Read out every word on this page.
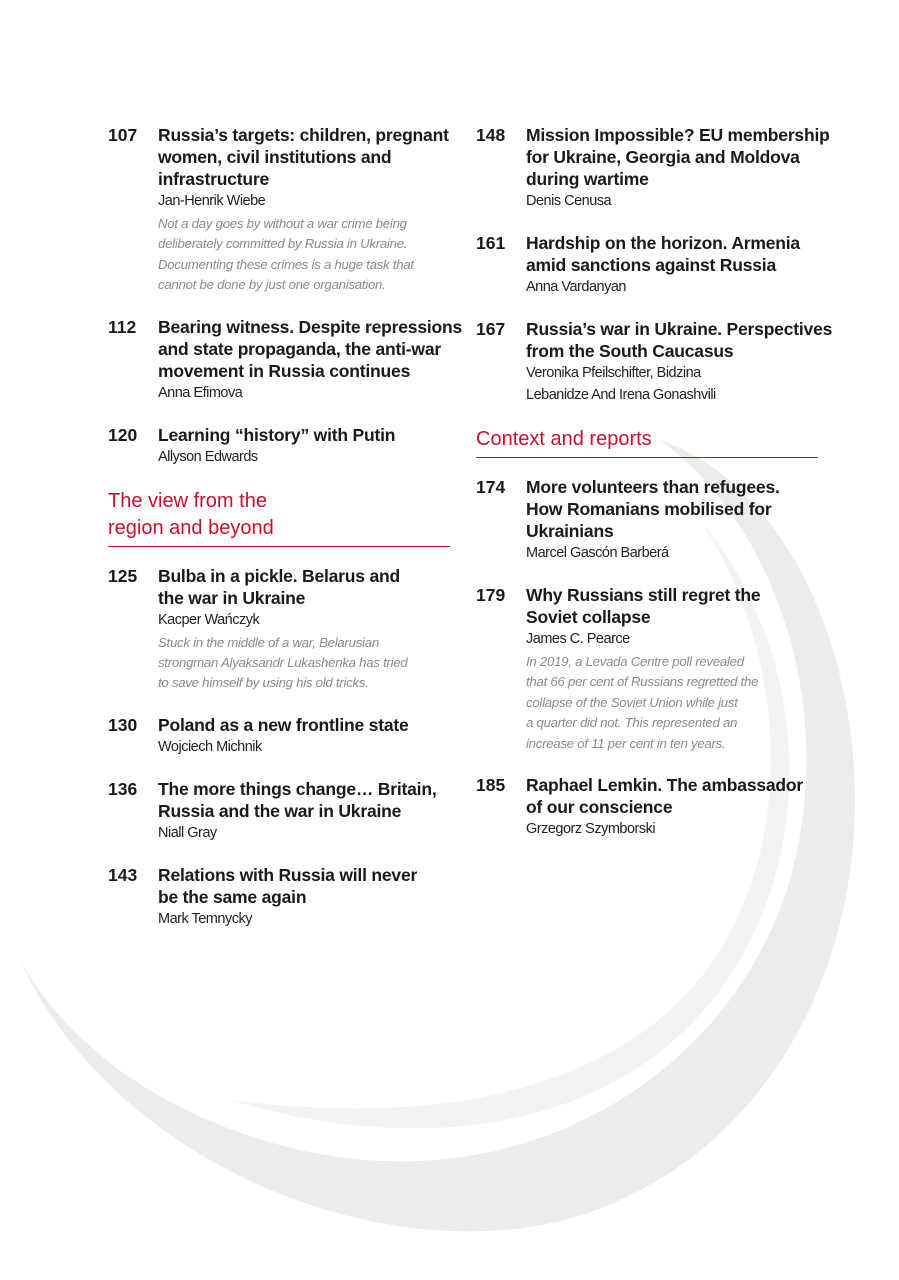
107	Russia’s targets: children, pregnant
women, civil institutions and
infrastructure
Jan-Henrik Wiebe
Not a day goes by without a war crime being
deliberately committed by Russia in Ukraine.
Documenting these crimes is a huge task that
cannot be done by just one organisation.
112	Bearing witness. Despite repressions
and state propaganda, the anti-war
movement in Russia continues
Anna Efimova
120	Learning “history” with Putin
Allyson Edwards
The view from the
region and beyond
125	Bulba in a pickle. Belarus and
the war in Ukraine
Kacper Wańczyk
Stuck in the middle of a war, Belarusian
strongman Alyaksandr Lukashenka has tried
to save himself by using his old tricks.
130	Poland as a new frontline state
Wojciech Michnik
136	The more things change… Britain,
Russia and the war in Ukraine
Niall Gray
143	Relations with Russia will never
be the same again
Mark Temnycky
148	Mission Impossible? EU membership
for Ukraine, Georgia and Moldova
during wartime
Denis Cenusa
161	Hardship on the horizon. Armenia
amid sanctions against Russia
Anna Vardanyan
167	Russia’s war in Ukraine. Perspectives
from the South Caucasus
Veronika Pfeilschifter, Bidzina
Lebanidze And Irena Gonashvili
Context and reports
174	More volunteers than refugees.
How Romanians mobilised for
Ukrainians
Marcel Gascón Barberá
179	Why Russians still regret the
Soviet collapse
James C. Pearce
In 2019, a Levada Centre poll revealed
that 66 per cent of Russians regretted the
collapse of the Soviet Union while just
a quarter did not. This represented an
increase of 11 per cent in ten years.
185	Raphael Lemkin. The ambassador
of our conscience
Grzegorz Szymborski
